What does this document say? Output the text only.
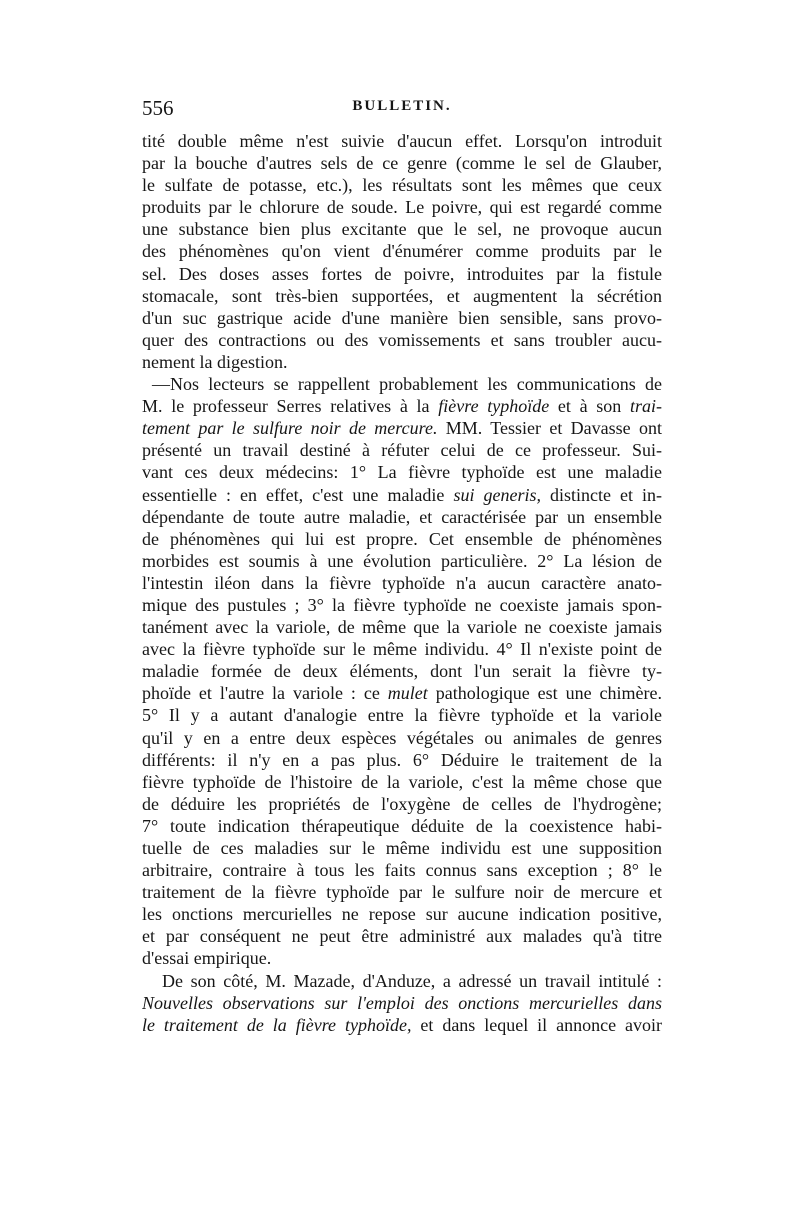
556	BULLETIN.
tité double même n'est suivie d'aucun effet. Lorsqu'on introduit
par la bouche d'autres sels de ce genre (comme le sel de Glauber,
le sulfate de potasse, etc.), les résultats sont les mêmes que ceux
produits par le chlorure de soude. Le poivre, qui est regardé comme
une substance bien plus excitante que le sel, ne provoque aucun
des phénomènes qu'on vient d'énumérer comme produits par le
sel. Des doses asses fortes de poivre, introduites par la fistule
stomacale, sont très-bien supportées, et augmentent la sécrétion
d'un suc gastrique acide d'une manière bien sensible, sans provo-
quer des contractions ou des vomissements et sans troubler aucu-
nement la digestion.
—Nos lecteurs se rappellent probablement les communications de
M. le professeur Serres relatives à la fièvre typhoïde et à son trai-
tement par le sulfure noir de mercure. MM. Tessier et Davasse ont
présenté un travail destiné à réfuter celui de ce professeur. Sui-
vant ces deux médecins: 1° La fièvre typhoïde est une maladie
essentielle : en effet, c'est une maladie sui generis, distincte et in-
dépendante de toute autre maladie, et caractérisée par un ensemble
de phénomènes qui lui est propre. Cet ensemble de phénomènes
morbides est soumis à une évolution particulière. 2° La lésion de
l'intestin iléon dans la fièvre typhoïde n'a aucun caractère anato-
mique des pustules ; 3° la fièvre typhoïde ne coexiste jamais spon-
tanément avec la variole, de même que la variole ne coexiste jamais
avec la fièvre typhoïde sur le même individu. 4° Il n'existe point de
maladie formée de deux éléments, dont l'un serait la fièvre ty-
phoïde et l'autre la variole : ce mulet pathologique est une chimère.
5° Il y a autant d'analogie entre la fièvre typhoïde et la variole
qu'il y en a entre deux espèces végétales ou animales de genres
différents: il n'y en a pas plus. 6° Déduire le traitement de la
fièvre typhoïde de l'histoire de la variole, c'est la même chose que
de déduire les propriétés de l'oxygène de celles de l'hydrogène;
7° toute indication thérapeutique déduite de la coexistence habi-
tuelle de ces maladies sur le même individu est une supposition
arbitraire, contraire à tous les faits connus sans exception ; 8° le
traitement de la fièvre typhoïde par le sulfure noir de mercure et
les onctions mercurielles ne repose sur aucune indication positive,
et par conséquent ne peut être administré aux malades qu'à titre
d'essai empirique.
De son côté, M. Mazade, d'Anduze, a adressé un travail intitulé :
Nouvelles observations sur l'emploi des onctions mercurielles dans
le traitement de la fièvre typhoïde, et dans lequel il annonce avoir
